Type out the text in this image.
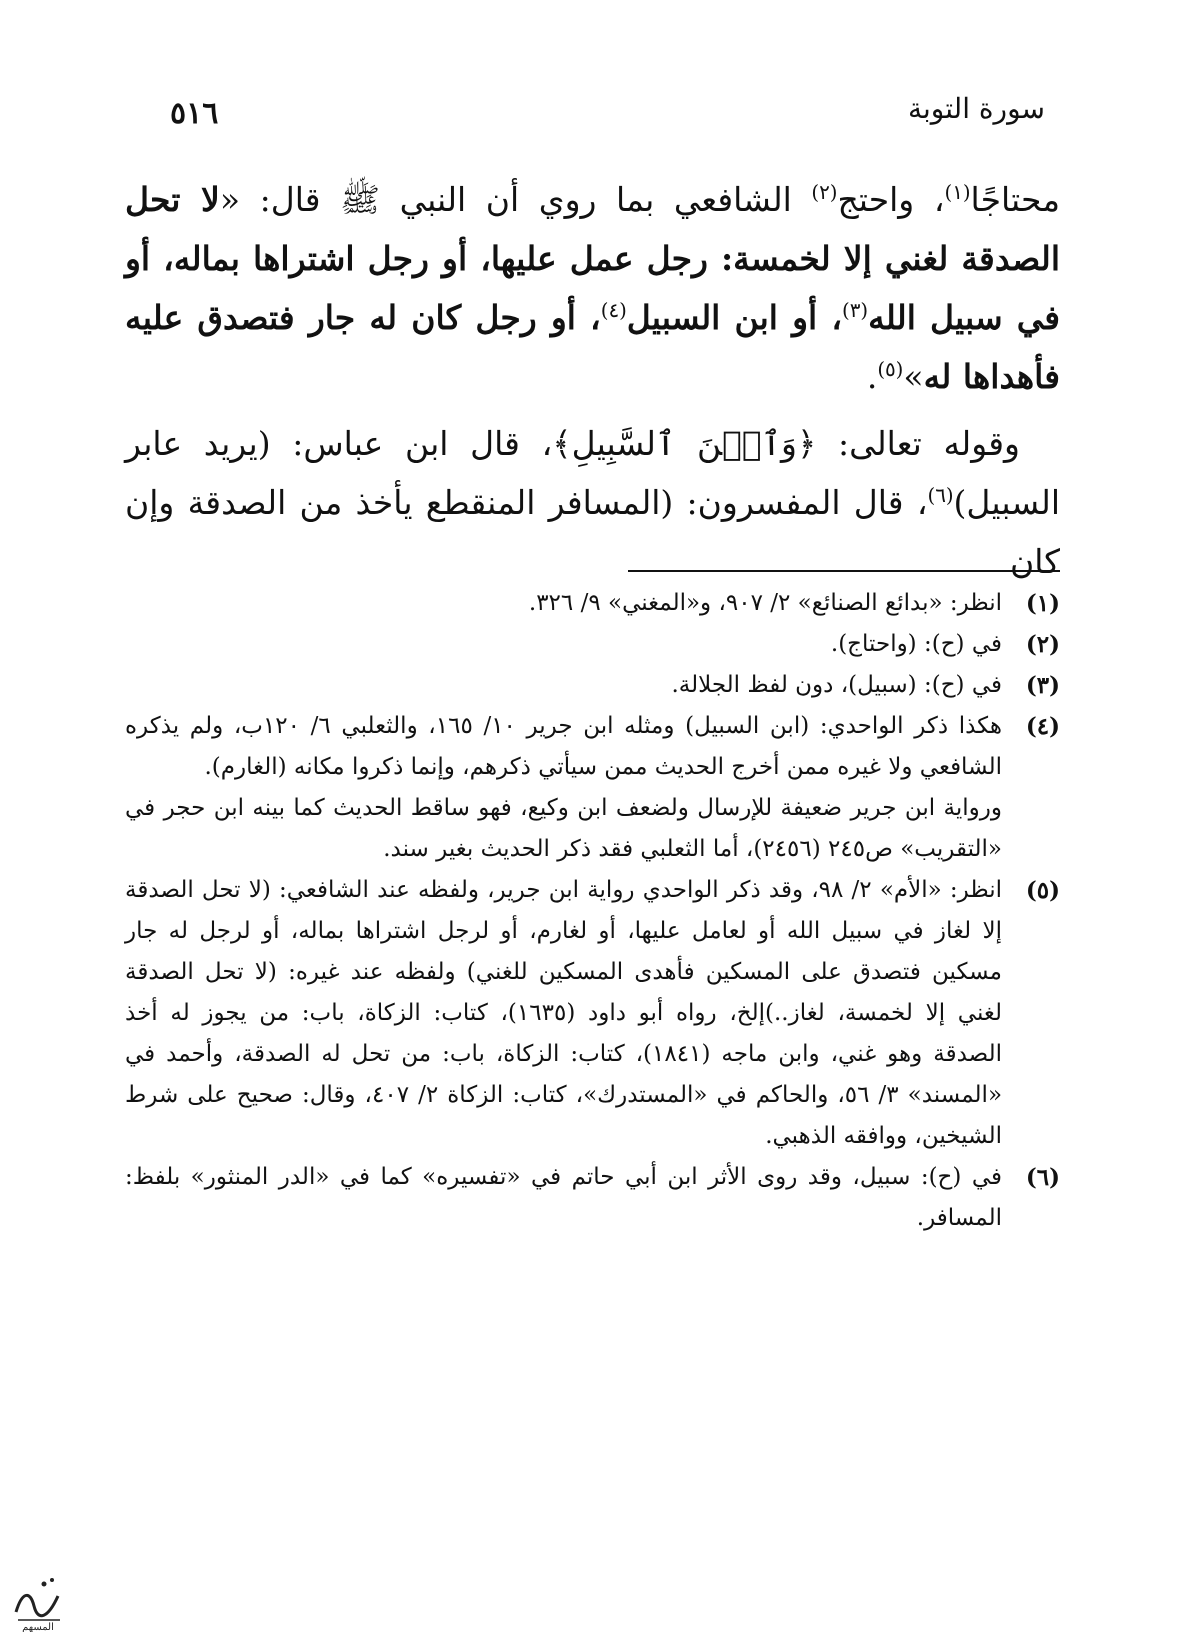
سورة التوبة
٥١٦

محتاجًا$^{(١)}$، واحتج$^{(٢)}$ الشافعي بما روي أن النبي ﷺ قال: «لا تحل الصدقة لغني إلا لخمسة: رجل عمل عليها، أو رجل اشتراها بماله، أو في سبيل الله$^{(٣)}$، أو ابن السبيل$^{(٤)}$، أو رجل كان له جار فتصدق عليه فأهداها له»$^{(٥)}$.

وقوله تعالى: ﴿وَٱبۡنَ ٱلسَّبِيلِ﴾، قال ابن عباس: (يريد عابر السبيل)$^{(٦)}$، قال المفسرون: (المسافر المنقطع يأخذ من الصدقة وإن كان

(١)
انظر: «بدائع الصنائع» ٢/ ٩٠٧، و«المغني» ٩/ ٣٢٦.
(٢)
في (ح): (واحتاج).
(٣)
في (ح): (سبيل)، دون لفظ الجلالة.
(٤)
هكذا ذكر الواحدي: (ابن السبيل) ومثله ابن جرير ١٠/ ١٦٥، والثعلبي ٦/ ١٢٠ب، ولم يذكره الشافعي ولا غيره ممن أخرج الحديث ممن سيأتي ذكرهم، وإنما ذكروا مكانه (الغارم).
ورواية ابن جرير ضعيفة للإرسال ولضعف ابن وكيع، فهو ساقط الحديث كما بينه ابن حجر في «التقريب» ص٢٤٥ (٢٤٥٦)، أما الثعلبي فقد ذكر الحديث بغير سند.
(٥)
انظر: «الأم» ٢/ ٩٨، وقد ذكر الواحدي رواية ابن جرير، ولفظه عند الشافعي: (لا تحل الصدقة إلا لغاز في سبيل الله أو لعامل عليها، أو لغارم، أو لرجل اشتراها بماله، أو لرجل له جار مسكين فتصدق على المسكين فأهدى المسكين للغني) ولفظه عند غيره: (لا تحل الصدقة لغني إلا لخمسة، لغاز..)إلخ، رواه أبو داود (١٦٣٥)، كتاب: الزكاة، باب: من يجوز له أخذ الصدقة وهو غني، وابن ماجه (١٨٤١)، كتاب: الزكاة، باب: من تحل له الصدقة، وأحمد في «المسند» ٣/ ٥٦، والحاكم في «المستدرك»، كتاب: الزكاة ٢/ ٤٠٧، وقال: صحيح على شرط الشيخين، ووافقه الذهبي.
(٦)
في (ح): سبيل، وقد روى الأثر ابن أبي حاتم في «تفسيره» كما في «الدر المنثور» بلفظ: المسافر.
المسهم
